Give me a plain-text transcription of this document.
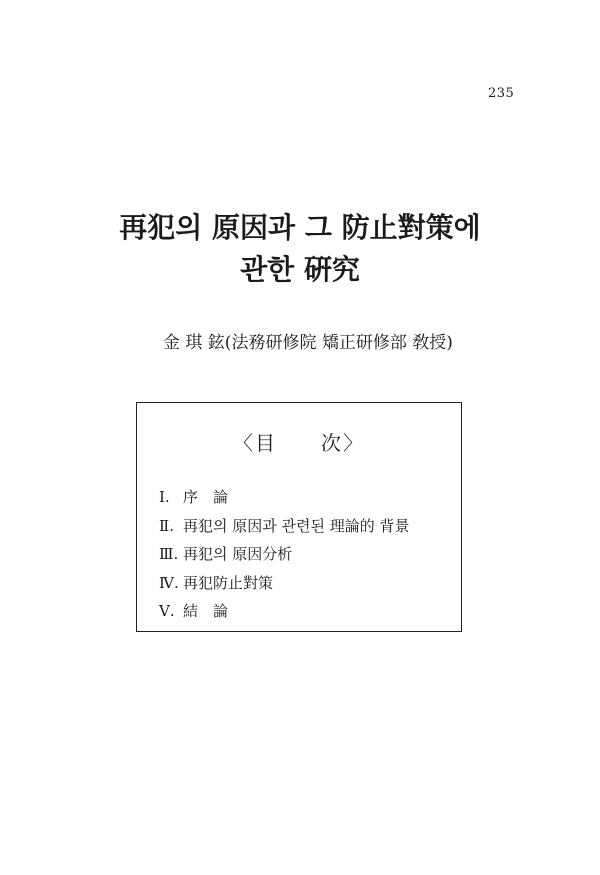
235
再犯의 原因과 그 防止對策에
관한 硏究
金 琪 鉉(法務研修院 矯正研修部 敎授)
〈目　　次〉
Ⅰ. 序　論
Ⅱ. 再犯의 原因과 관련된 理論的 背景
Ⅲ. 再犯의 原因分析
Ⅳ. 再犯防止對策
Ⅴ. 結　論
